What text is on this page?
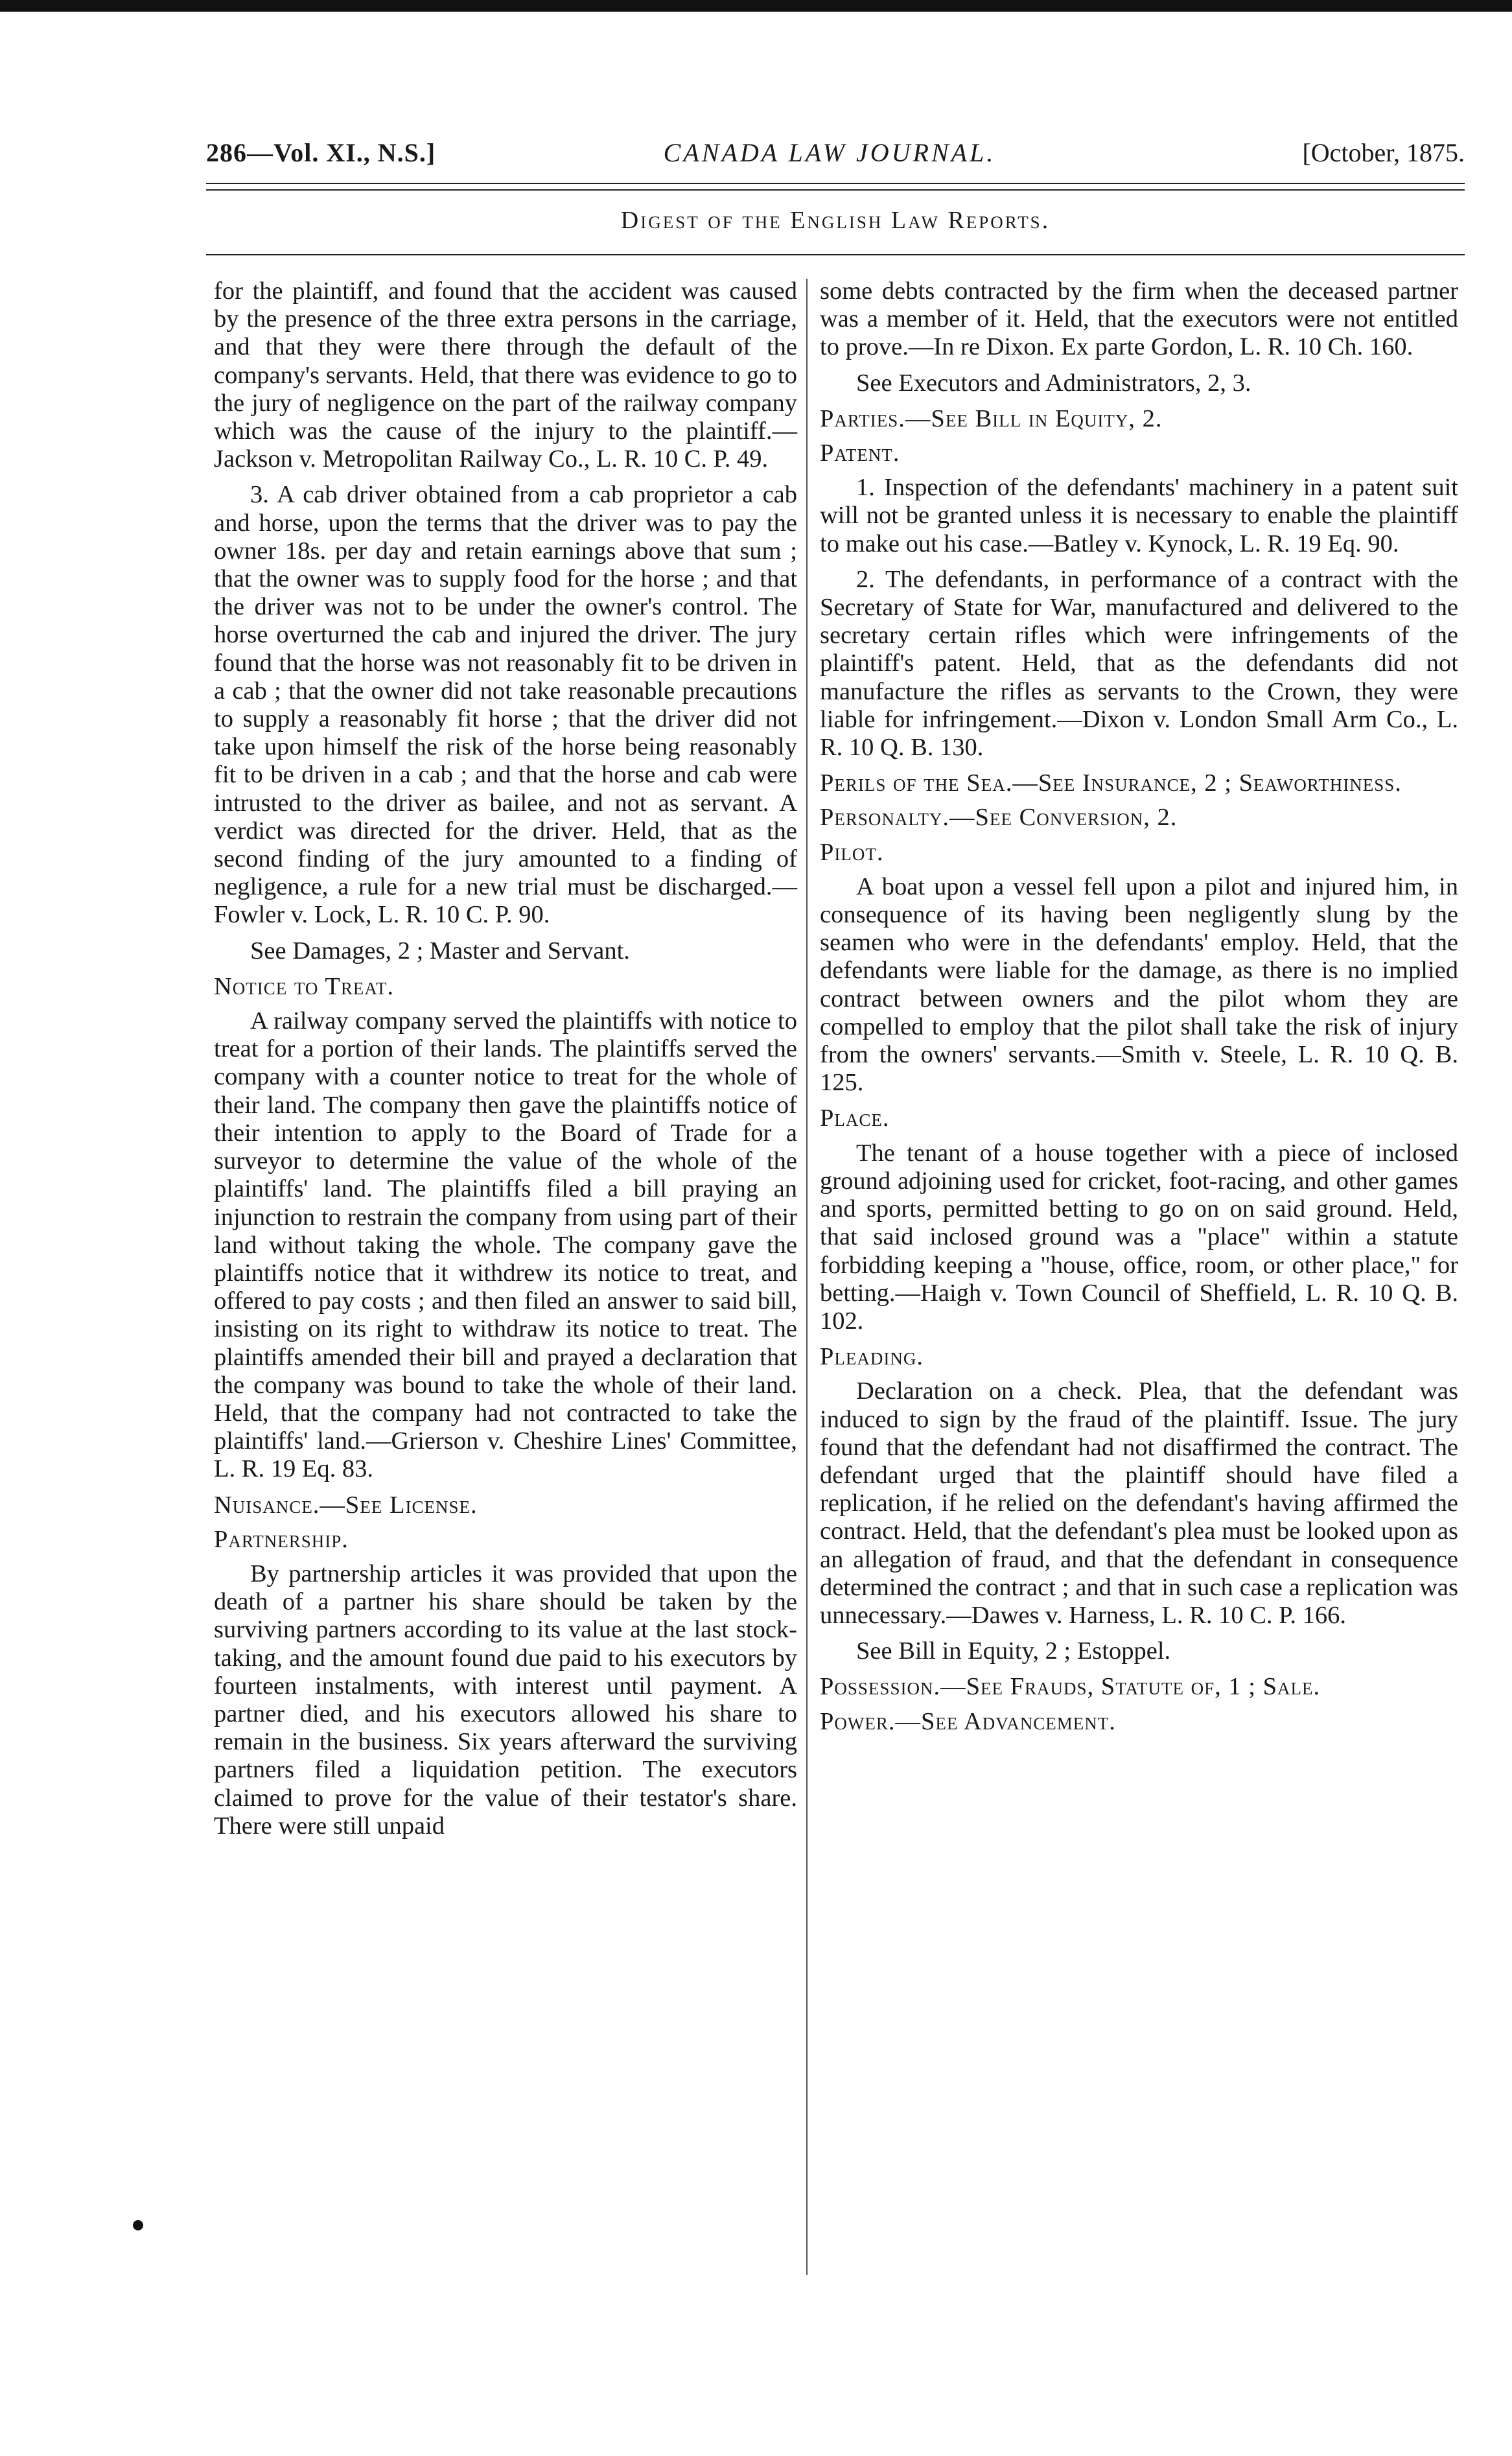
286—Vol. XI., N.S.]	CANADA LAW JOURNAL.	[October, 1875.
Digest of the English Law Reports.

for the plaintiff, and found that the accident was caused by the presence of the three extra persons in the carriage, and that they were there through the default of the company's servants. Held, that there was evidence to go to the jury of negligence on the part of the railway company which was the cause of the injury to the plaintiff.—Jackson v. Metropolitan Railway Co., L. R. 10 C. P. 49.

3. A cab driver obtained from a cab proprietor a cab and horse, upon the terms that the driver was to pay the owner 18s. per day and retain earnings above that sum ; that the owner was to supply food for the horse ; and that the driver was not to be under the owner's control. The horse overturned the cab and injured the driver. The jury found that the horse was not reasonably fit to be driven in a cab ; that the owner did not take reasonable precautions to supply a reasonably fit horse ; that the driver did not take upon himself the risk of the horse being reasonably fit to be driven in a cab ; and that the horse and cab were intrusted to the driver as bailee, and not as servant. A verdict was directed for the driver. Held, that as the second finding of the jury amounted to a finding of negligence, a rule for a new trial must be discharged.—Fowler v. Lock, L. R. 10 C. P. 90.

See Damages, 2 ; Master and Servant.

Notice to Treat.

A railway company served the plaintiffs with notice to treat for a portion of their lands. The plaintiffs served the company with a counter notice to treat for the whole of their land. The company then gave the plaintiffs notice of their intention to apply to the Board of Trade for a surveyor to determine the value of the whole of the plaintiffs' land. The plaintiffs filed a bill praying an injunction to restrain the company from using part of their land without taking the whole. The company gave the plaintiffs notice that it withdrew its notice to treat, and offered to pay costs ; and then filed an answer to said bill, insisting on its right to withdraw its notice to treat. The plaintiffs amended their bill and prayed a declaration that the company was bound to take the whole of their land. Held, that the company had not contracted to take the plaintiffs' land.—Grierson v. Cheshire Lines' Committee, L. R. 19 Eq. 83.

Nuisance.—See License.
Partnership.

By partnership articles it was provided that upon the death of a partner his share should be taken by the surviving partners according to its value at the last stock-taking, and the amount found due paid to his executors by fourteen instalments, with interest until payment. A partner died, and his executors allowed his share to remain in the business. Six years afterward the surviving partners filed a liquidation petition. The executors claimed to prove for the value of their testator's share. There were still unpaid

some debts contracted by the firm when the deceased partner was a member of it. Held, that the executors were not entitled to prove.—In re Dixon. Ex parte Gordon, L. R. 10 Ch. 160.

See Executors and Administrators, 2, 3.

Parties.—See Bill in Equity, 2.
Patent.

1. Inspection of the defendants' machinery in a patent suit will not be granted unless it is necessary to enable the plaintiff to make out his case.—Batley v. Kynock, L. R. 19 Eq. 90.

2. The defendants, in performance of a contract with the Secretary of State for War, manufactured and delivered to the secretary certain rifles which were infringements of the plaintiff's patent. Held, that as the defendants did not manufacture the rifles as servants to the Crown, they were liable for infringement.—Dixon v. London Small Arm Co., L. R. 10 Q. B. 130.

Perils of the Sea.—See Insurance, 2 ; Seaworthiness.
Personalty.—See Conversion, 2.
Pilot.

A boat upon a vessel fell upon a pilot and injured him, in consequence of its having been negligently slung by the seamen who were in the defendants' employ. Held, that the defendants were liable for the damage, as there is no implied contract between owners and the pilot whom they are compelled to employ that the pilot shall take the risk of injury from the owners' servants.—Smith v. Steele, L. R. 10 Q. B. 125.

Place.

The tenant of a house together with a piece of inclosed ground adjoining used for cricket, foot-racing, and other games and sports, permitted betting to go on on said ground. Held, that said inclosed ground was a "place" within a statute forbidding keeping a "house, office, room, or other place," for betting.—Haigh v. Town Council of Sheffield, L. R. 10 Q. B. 102.

Pleading.

Declaration on a check. Plea, that the defendant was induced to sign by the fraud of the plaintiff. Issue. The jury found that the defendant had not disaffirmed the contract. The defendant urged that the plaintiff should have filed a replication, if he relied on the defendant's having affirmed the contract. Held, that the defendant's plea must be looked upon as an allegation of fraud, and that the defendant in consequence determined the contract ; and that in such case a replication was unnecessary.—Dawes v. Harness, L. R. 10 C. P. 166.

See Bill in Equity, 2 ; Estoppel.

Possession.—See Frauds, Statute of, 1 ; Sale.
Power.—See Advancement.
